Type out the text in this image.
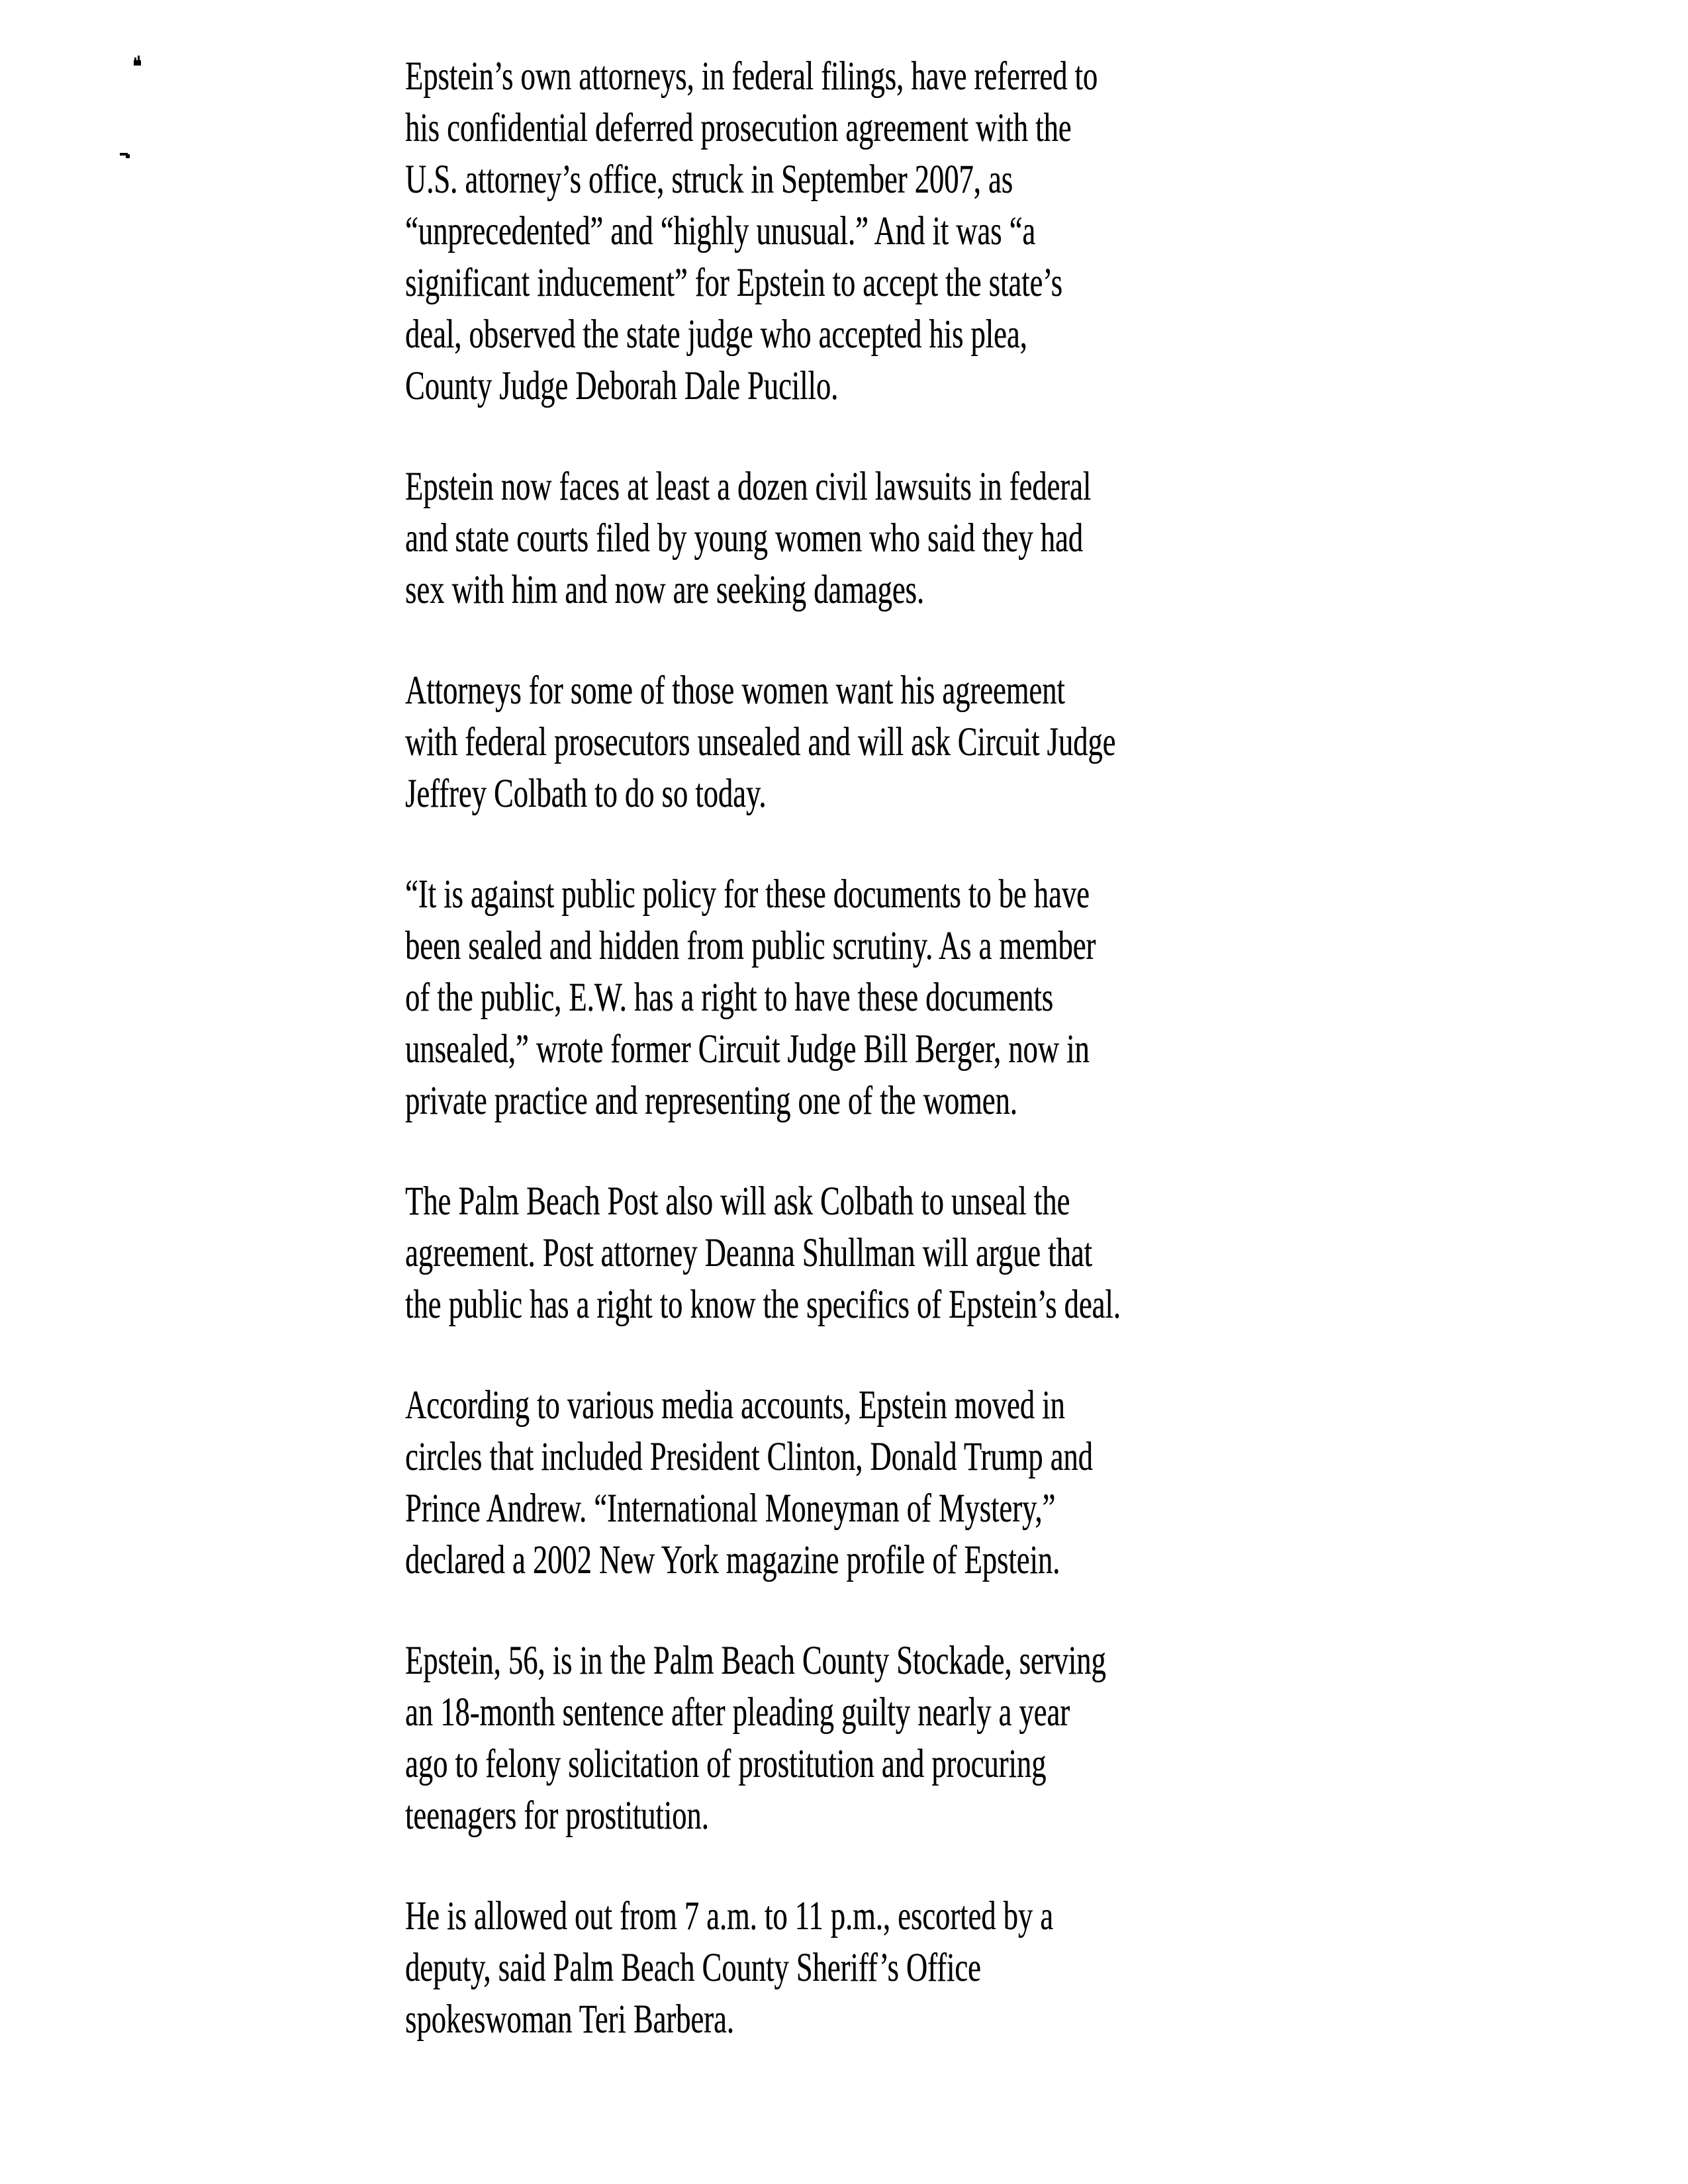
Epstein’s own attorneys, in federal filings, have referred to
his confidential deferred prosecution agreement with the
U.S. attorney’s office, struck in September 2007, as
“unprecedented” and “highly unusual.” And it was “a
significant inducement” for Epstein to accept the state’s
deal, observed the state judge who accepted his plea,
County Judge Deborah Dale Pucillo.
Epstein now faces at least a dozen civil lawsuits in federal
and state courts filed by young women who said they had
sex with him and now are seeking damages.
Attorneys for some of those women want his agreement
with federal prosecutors unsealed and will ask Circuit Judge
Jeffrey Colbath to do so today.
“It is against public policy for these documents to be have
been sealed and hidden from public scrutiny. As a member
of the public, E.W. has a right to have these documents
unsealed,” wrote former Circuit Judge Bill Berger, now in
private practice and representing one of the women.
The Palm Beach Post also will ask Colbath to unseal the
agreement. Post attorney Deanna Shullman will argue that
the public has a right to know the specifics of Epstein’s deal.
According to various media accounts, Epstein moved in
circles that included President Clinton, Donald Trump and
Prince Andrew. “International Moneyman of Mystery,”
declared a 2002 New York magazine profile of Epstein.
Epstein, 56, is in the Palm Beach County Stockade, serving
an 18-month sentence after pleading guilty nearly a year
ago to felony solicitation of prostitution and procuring
teenagers for prostitution.
He is allowed out from 7 a.m. to 11 p.m., escorted by a
deputy, said Palm Beach County Sheriff’s Office
spokeswoman Teri Barbera.
